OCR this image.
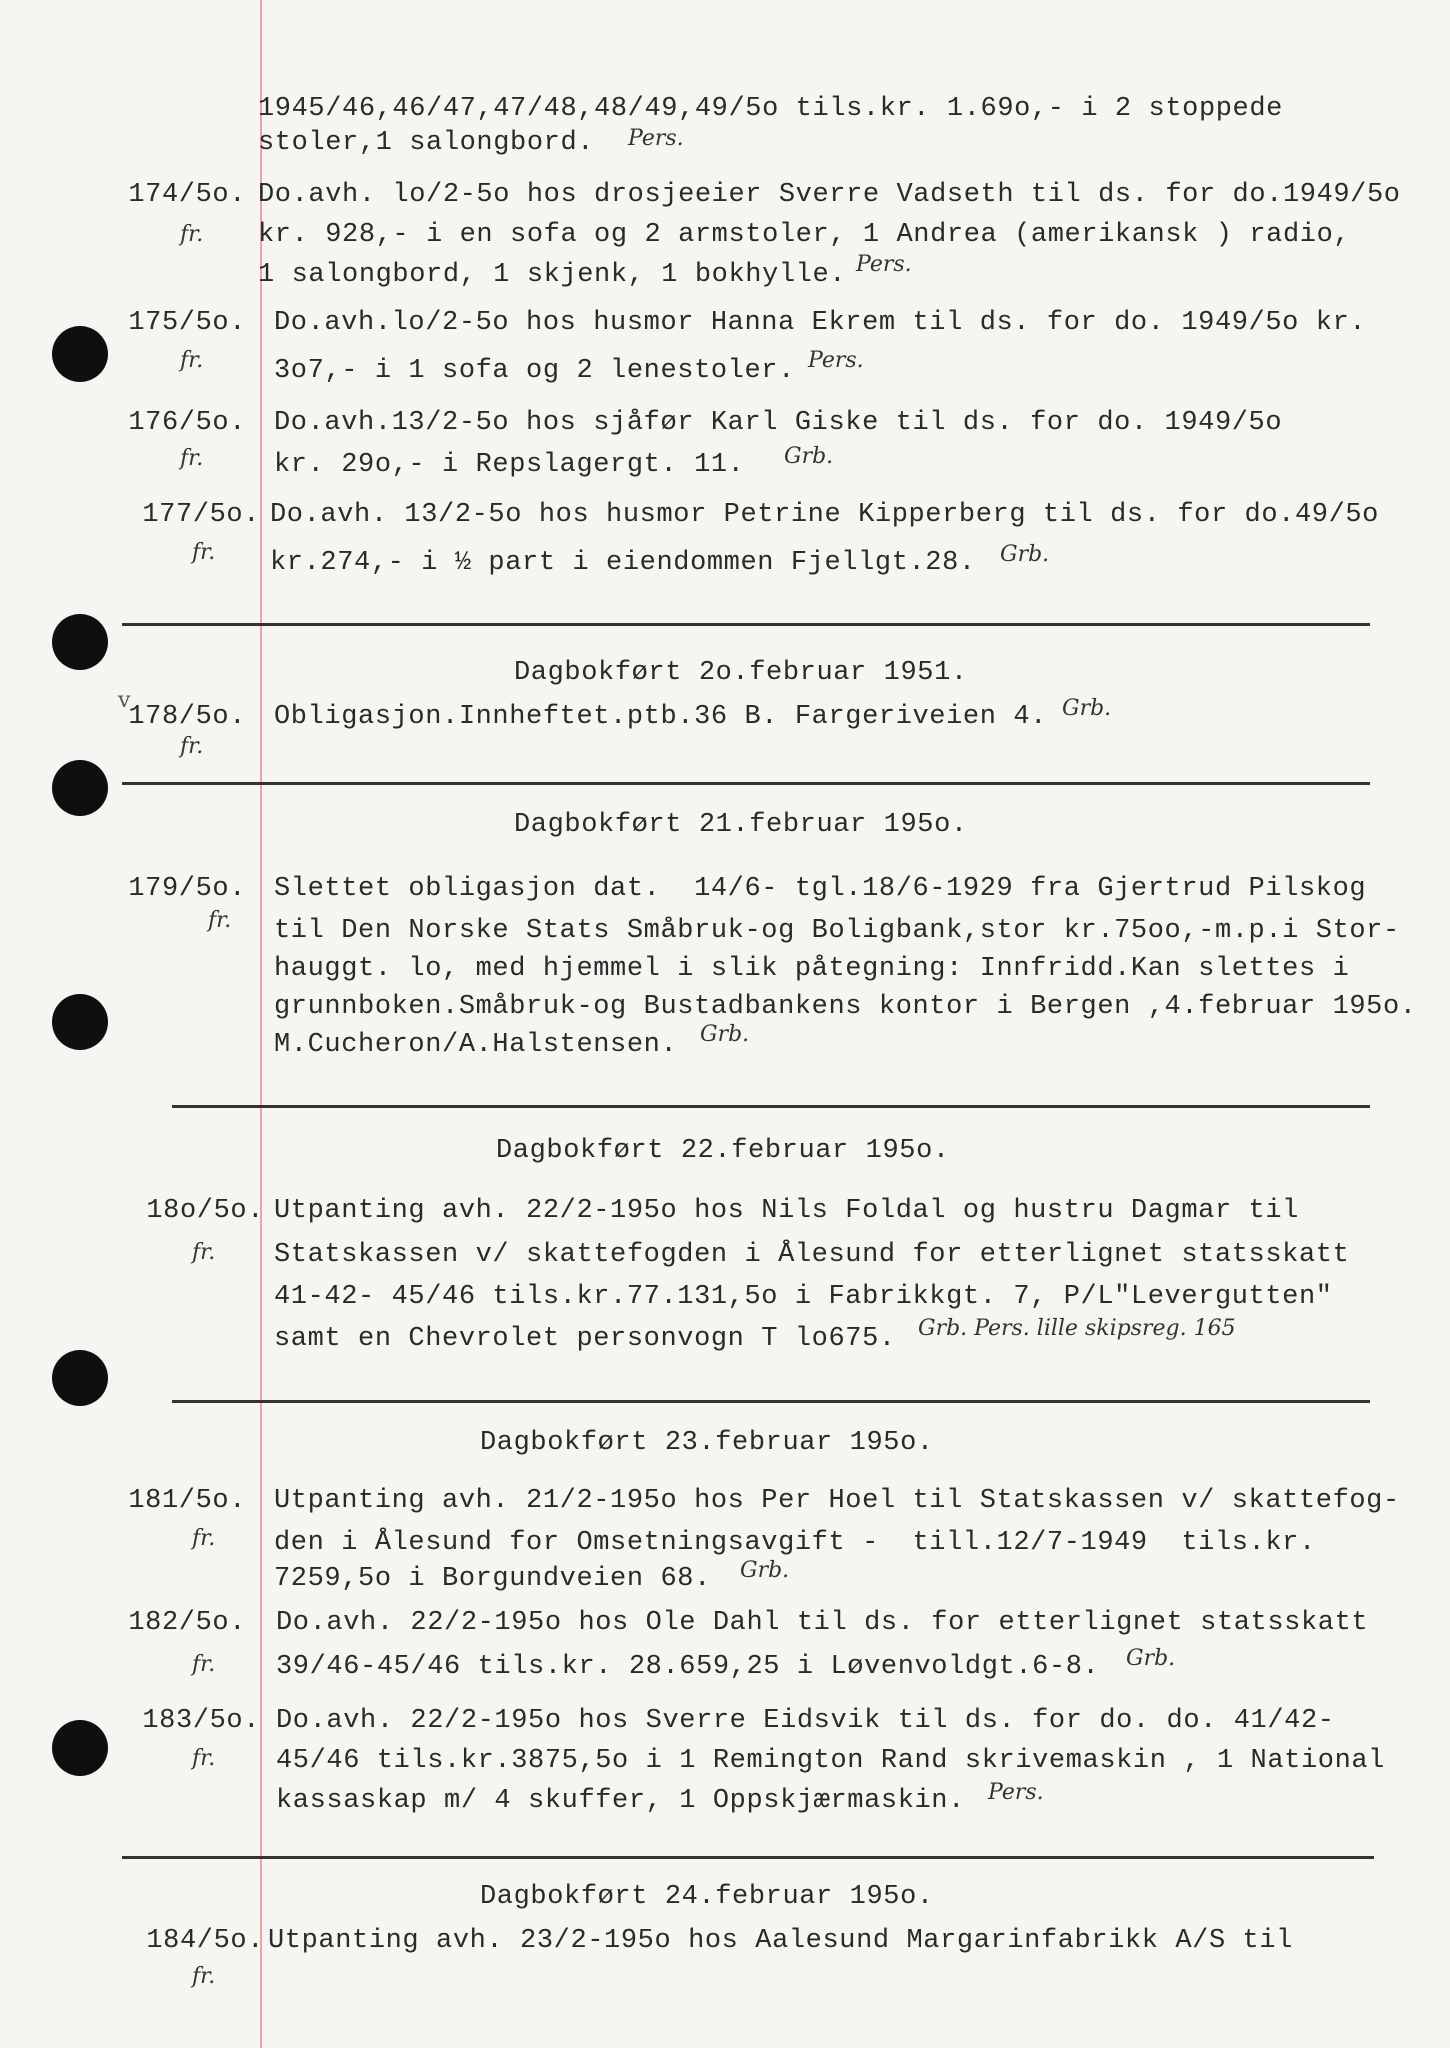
1945/46,46/47,47/48,48/49,49/5o tils.kr. 1.69o,- i 2 stoppede
stoler,1 salongbord. Pers.
174/5o.
fr.
Do.avh. lo/2-5o hos drosjeeier Sverre Vadseth til ds. for do.1949/5o
kr. 928,- i en sofa og 2 armstoler, 1 Andrea (amerikansk ) radio,
1 salongbord, 1 skjenk, 1 bokhylle. Pers.
175/5o.
fr.
Do.avh.lo/2-5o hos husmor Hanna Ekrem til ds. for do. 1949/5o kr.
3o7,- i 1 sofa og 2 lenestoler. Pers.
176/5o.
fr.
Do.avh.13/2-5o hos sjåfør Karl Giske til ds. for do. 1949/5o
kr. 29o,- i Repslagergt. 11. Grb.
177/5o.
fr.
Do.avh. 13/2-5o hos husmor Petrine Kipperberg til ds. for do.49/5o
kr.274,- i ½ part i eiendommen Fjellgt.28. Grb.
Dagbokført 2o.februar 1951.
v
178/5o.
fr.
Obligasjon.Innheftet.ptb.36 B. Fargeriveien 4. Grb.
Dagbokført 21.februar 195o.
179/5o.
fr.
Slettet obligasjon dat.  14/6- tgl.18/6-1929 fra Gjertrud Pilskog
til Den Norske Stats Småbruk-og Boligbank,stor kr.75oo,-m.p.i Stor-
hauggt. lo, med hjemmel i slik påtegning: Innfridd.Kan slettes i
grunnboken.Småbruk-og Bustadbankens kontor i Bergen ,4.februar 195o.
M.Cucheron/A.Halstensen. Grb.
Dagbokført 22.februar 195o.
18o/5o.
fr.
Utpanting avh. 22/2-195o hos Nils Foldal og hustru Dagmar til
Statskassen v/ skattefogden i Ålesund for etterlignet statsskatt
41-42- 45/46 tils.kr.77.131,5o i Fabrikkgt. 7, P/L"Levergutten"
samt en Chevrolet personvogn T lo675. Grb. Pers. lille skipsreg. 165
Dagbokført 23.februar 195o.
181/5o.
fr.
Utpanting avh. 21/2-195o hos Per Hoel til Statskassen v/ skattefog-
den i Ålesund for Omsetningsavgift -  till.12/7-1949  tils.kr.
7259,5o i Borgundveien 68. Grb.
182/5o.
fr.
Do.avh. 22/2-195o hos Ole Dahl til ds. for etterlignet statsskatt
39/46-45/46 tils.kr. 28.659,25 i Løvenvoldgt.6-8. Grb.
183/5o.
fr.
Do.avh. 22/2-195o hos Sverre Eidsvik til ds. for do. do. 41/42-
45/46 tils.kr.3875,5o i 1 Remington Rand skrivemaskin , 1 National
kassaskap m/ 4 skuffer, 1 Oppskjærmaskin. Pers.
Dagbokført 24.februar 195o.
184/5o.
fr.
Utpanting avh. 23/2-195o hos Aalesund Margarinfabrikk A/S til
